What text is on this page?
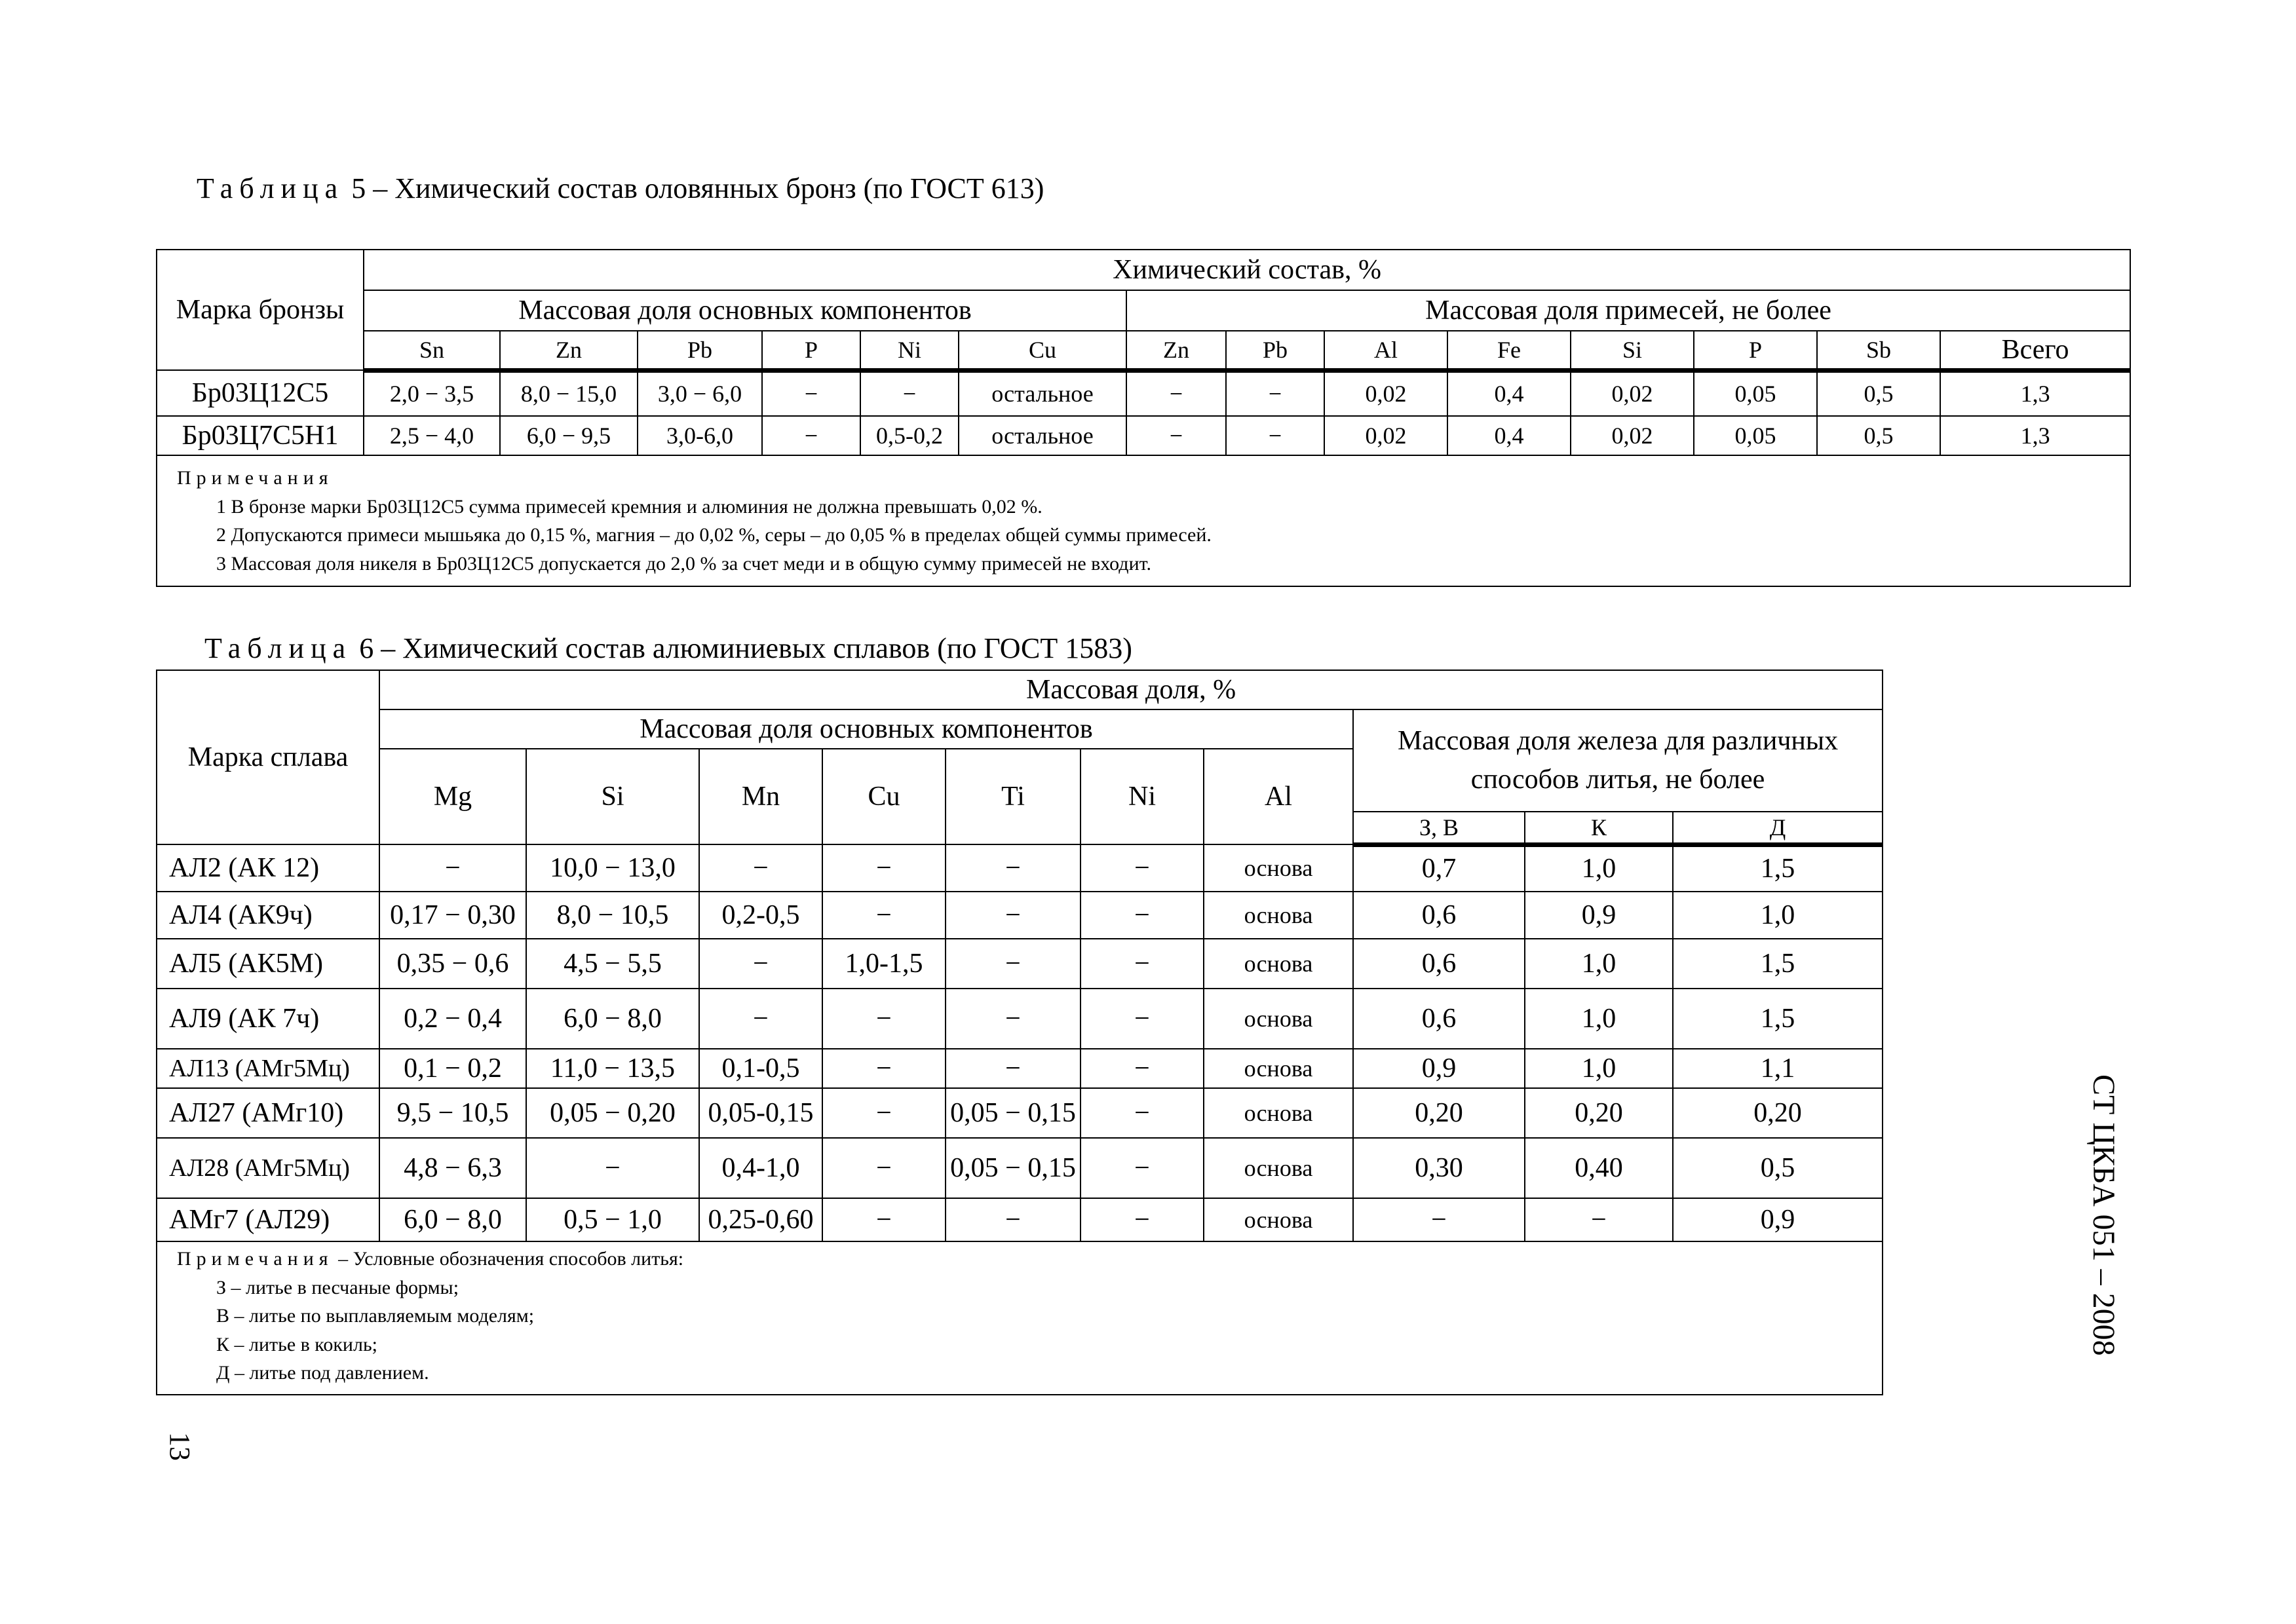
Таблица 5 – Химический состав оловянных бронз (по ГОСТ 613)
Марка бронзы	Химический состав, %													
	Массовая доля основных компонентов						Массовая доля примесей, не более							
	Sn	Zn	Pb	P	Ni	Cu	Zn	Pb	Al	Fe	Si	P	Sb	Всего
Бр03Ц12С5	2,0 − 3,5	8,0 − 15,0	3,0 − 6,0	−	−	остальное	−	−	0,02	0,4	0,02	0,05	0,5	1,3
Бр03Ц7С5Н1	2,5 − 4,0	6,0 − 9,5	3,0-6,0	−	0,5-0,2	остальное	−	−	0,02	0,4	0,02	0,05	0,5	1,3
Примечания
1 В бронзе марки Бр03Ц12С5 сумма примесей кремния и алюминия не должна превышать 0,02 %.
2 Допускаются примеси мышьяка до 0,15 %, магния – до 0,02 %, серы – до 0,05 % в пределах общей суммы примесей.
3 Массовая доля никеля в Бр03Ц12С5 допускается до 2,0 % за счет меди и в общую сумму примесей не входит.														
Таблица 6 – Химический состав алюминиевых сплавов (по ГОСТ 1583)
Марка сплава	Массовая доля, %									
	Массовая доля основных компонентов							Массовая доля железа для различных способов литья, не более		
	Mg	Si	Mn	Cu	Ti	Ni	Al			
								З, В	К	Д
АЛ2 (АК 12)	−	10,0 − 13,0	−	−	−	−	основа	0,7	1,0	1,5
АЛ4 (АК9ч)	0,17 − 0,30	8,0 − 10,5	0,2-0,5	−	−	−	основа	0,6	0,9	1,0
АЛ5 (АК5М)	0,35 − 0,6	4,5 − 5,5	−	1,0-1,5	−	−	основа	0,6	1,0	1,5
АЛ9 (АК 7ч)	0,2 − 0,4	6,0 − 8,0	−	−	−	−	основа	0,6	1,0	1,5
АЛ13 (АМг5Мц)	0,1 − 0,2	11,0 − 13,5	0,1-0,5	−	−	−	основа	0,9	1,0	1,1
АЛ27 (АМг10)	9,5 − 10,5	0,05 − 0,20	0,05-0,15	−	0,05 − 0,15	−	основа	0,20	0,20	0,20
АЛ28 (АМг5Мц)	4,8 − 6,3	−	0,4-1,0	−	0,05 − 0,15	−	основа	0,30	0,40	0,5
АМг7 (АЛ29)	6,0 − 8,0	0,5 − 1,0	0,25-0,60	−	−	−	основа	−	−	0,9
Примечания – Условные обозначения способов литья:
З – литье в песчаные формы;
В – литье по выплавляемым моделям;
К – литье в кокиль;
Д – литье под давлением.										
СТ ЦКБА 051 – 2008
13
